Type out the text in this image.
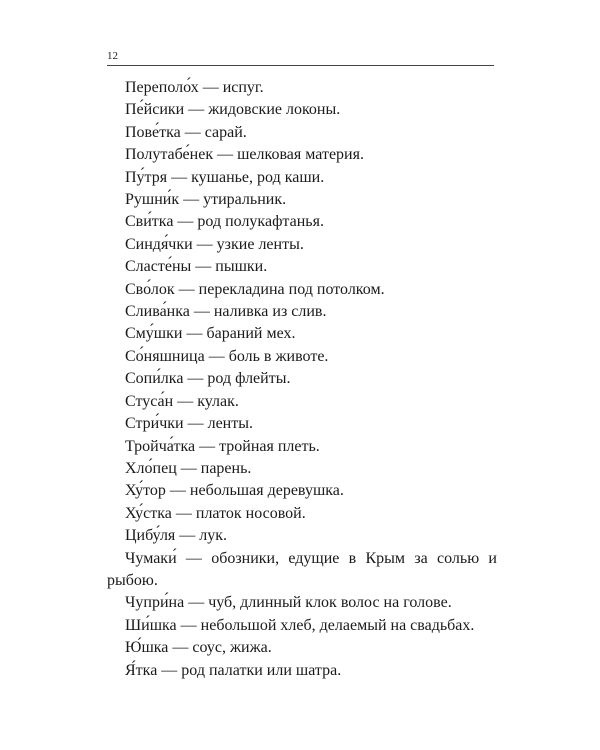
12
Переполо́х — испуг.
Пе́йсики — жидовские локоны.
Пове́тка — сарай.
Полутабе́нек — шелковая материя.
Пу́тря — кушанье, род каши.
Рушни́к — утиральник.
Сви́тка — род полукафтанья.
Синдя́чки — узкие ленты.
Сласте́ны — пышки.
Сво́лок — перекладина под потолком.
Слива́нка — наливка из слив.
Сму́шки — бараний мех.
Со́няшница — боль в животе.
Сопи́лка — род флейты.
Стуса́н — кулак.
Стри́чки — ленты.
Тройча́тка — тройная плеть.
Хло́пец — парень.
Ху́тор — небольшая деревушка.
Ху́стка — платок носовой.
Цибу́ля — лук.
Чумаки́ — обозники, едущие в Крым за солью и рыбою.
Чупри́на — чуб, длинный клок волос на голове.
Ши́шка — небольшой хлеб, делаемый на свадьбах.
Ю́шка — соус, жижа.
Я́тка — род палатки или шатра.
